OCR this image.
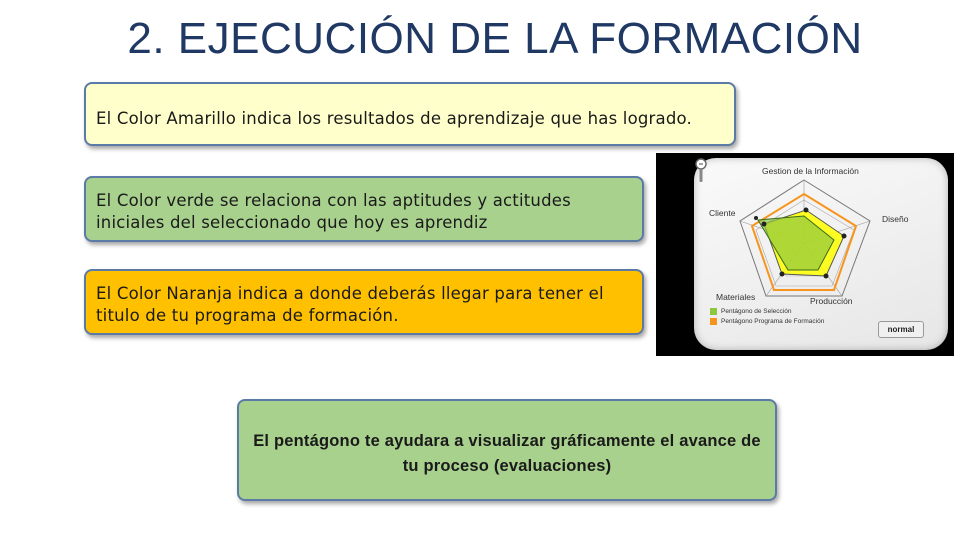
2. EJECUCIÓN DE LA FORMACIÓN
El Color Amarillo indica los resultados de aprendizaje que has logrado.
El Color verde se relaciona con las aptitudes y actitudes iniciales del seleccionado que hoy es aprendiz
El Color Naranja indica a donde deberás llegar para tener el titulo de tu programa de formación.
Gestion de la Información
Diseño
Cliente
Materiales	Producción
Pentágono de Selección
Pentágono Programa de Formación
normal
El pentágono te ayudara a visualizar gráficamente el avance de tu proceso (evaluaciones)
